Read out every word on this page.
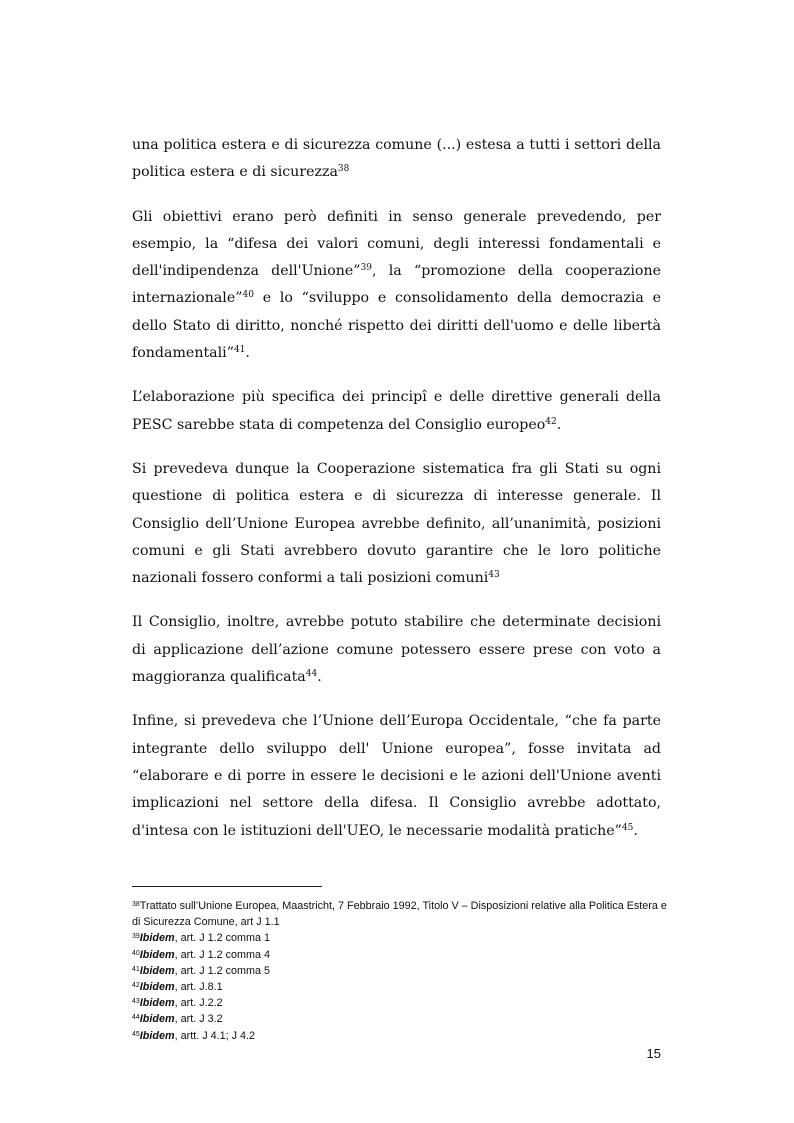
una politica estera e di sicurezza comune (...) estesa a tutti i settori della politica estera e di sicurezza$^{38}$

Gli obiettivi erano però definiti in senso generale prevedendo, per esempio, la “difesa dei valori comuni, degli interessi fondamentali e dell'indipendenza dell'Unione”$^{39}$, la “promozione della cooperazione internazionale”$^{40}$ e lo “sviluppo e consolidamento della democrazia e dello Stato di diritto, nonché rispetto dei diritti dell'uomo e delle libertà fondamentali”$^{41}$.

L’elaborazione più specifica dei principî e delle direttive generali della PESC sarebbe stata di competenza del Consiglio europeo$^{42}$.

Si prevedeva dunque la Cooperazione sistematica fra gli Stati su ogni questione di politica estera e di sicurezza di interesse generale. Il Consiglio dell’Unione Europea avrebbe definito, all’unanimità, posizioni comuni e gli Stati avrebbero dovuto garantire che le loro politiche nazionali fossero conformi a tali posizioni comuni$^{43}$

Il Consiglio, inoltre, avrebbe potuto stabilire che determinate decisioni di applicazione dell’azione comune potessero essere prese con voto a maggioranza qualificata$^{44}$.

Infine, si prevedeva che l’Unione dell’Europa Occidentale, “che fa parte integrante dello sviluppo dell' Unione europea”, fosse invitata ad “elaborare e di porre in essere le decisioni e le azioni dell'Unione aventi implicazioni nel settore della difesa. Il Consiglio avrebbe adottato, d'intesa con le istituzioni dell'UEO, le necessarie modalità pratiche”$^{45}$.

$^{38}$Trattato sull’Unione Europea, Maastricht, 7 Febbraio 1992, Titolo V – Disposizioni relative alla Politica Estera e di Sicurezza Comune, art J 1.1

$^{39}$Ibidem, art. J 1.2 comma 1

$^{40}$Ibidem, art. J 1.2 comma 4

$^{41}$Ibidem, art. J 1.2 comma 5

$^{42}$Ibidem, art. J.8.1

$^{43}$Ibidem, art. J.2.2

$^{44}$Ibidem, art. J 3.2

$^{45}$Ibidem, artt. J 4.1; J 4.2

15
